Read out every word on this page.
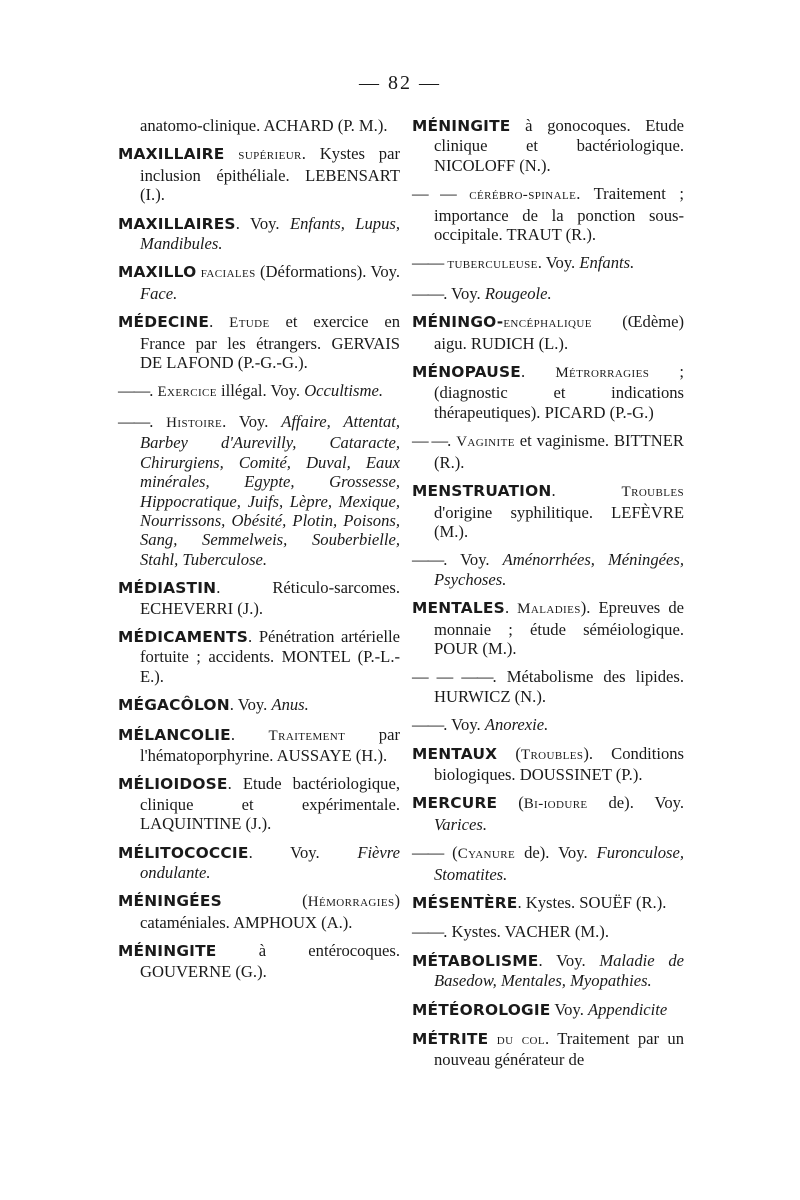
— 82 —
anatomo-clinique. ACHARD (P. M.).
MAXILLAIRE supérieur. Kystes par inclusion épithéliale. LEBENSART (I.).
MAXILLAIRES. Voy. Enfants, Lupus, Mandibules.
MAXILLO faciales (Déformations). Voy. Face.
MÉDECINE. Etude et exercice en France par les étrangers. GERVAIS DE LAFOND (P.-G.-G.).
——. Exercice illégal. Voy. Occultisme.
——. Histoire. Voy. Affaire, Attentat, Barbey d'Aurevilly, Cataracte, Chirurgiens, Comité, Duval, Eaux minérales, Egypte, Grossesse, Hippocratique, Juifs, Lèpre, Mexique, Nourrissons, Obésité, Plotin, Poisons, Sang, Semmelweis, Souberbielle, Stahl, Tuberculose.
MÉDIASTIN. Réticulo-sarcomes. ECHEVERRI (J.).
MÉDICAMENTS. Pénétration artérielle fortuite ; accidents. MONTEL (P.-L.-E.).
MÉGACÔLON. Voy. Anus.
MÉLANCOLIE. Traitement par l'hématoporphyrine. AUSSAYE (H.).
MÉLIOIDOSE. Etude bactériologique, clinique et expérimentale. LAQUINTINE (J.).
MÉLITOCOCCIE. Voy. Fièvre ondulante.
MÉNINGÉES (Hémorragies) cataméniales. AMPHOUX (A.).
MÉNINGITE à entérocoques. GOUVERNE (G.).
MÉNINGITE à gonocoques. Etude clinique et bactériologique. NICOLOFF (N.).
— — cérébro-spinale. Traitement ; importance de la ponction sous-occipitale. TRAUT (R.).
—— tuberculeuse. Voy. Enfants.
——. Voy. Rougeole.
MÉNINGO-encéphalique (Œdème) aigu. RUDICH (L.).
MÉNOPAUSE. Métrorragies ; (diagnostic et indications thérapeutiques). PICARD (P.-G.)
— —. Vaginite et vaginisme. BITTNER (R.).
MENSTRUATION. Troubles d'origine syphilitique. LEFÈVRE (M.).
——. Voy. Aménorrhées, Méningées, Psychoses.
MENTALES. Maladies). Epreuves de monnaie ; étude séméiologique. POUR (M.).
— — ——. Métabolisme des lipides. HURWICZ (N.).
——. Voy. Anorexie.
MENTAUX (Troubles). Conditions biologiques. DOUSSINET (P.).
MERCURE (Bi-iodure de). Voy. Varices.
—— (Cyanure de). Voy. Furonculose, Stomatites.
MÉSENTÈRE. Kystes. SOUËF (R.).
——. Kystes. VACHER (M.).
MÉTABOLISME. Voy. Maladie de Basedow, Mentales, Myopathies.
MÉTÉOROLOGIE Voy. Appendicite
MÉTRITE du col. Traitement par un nouveau générateur de
